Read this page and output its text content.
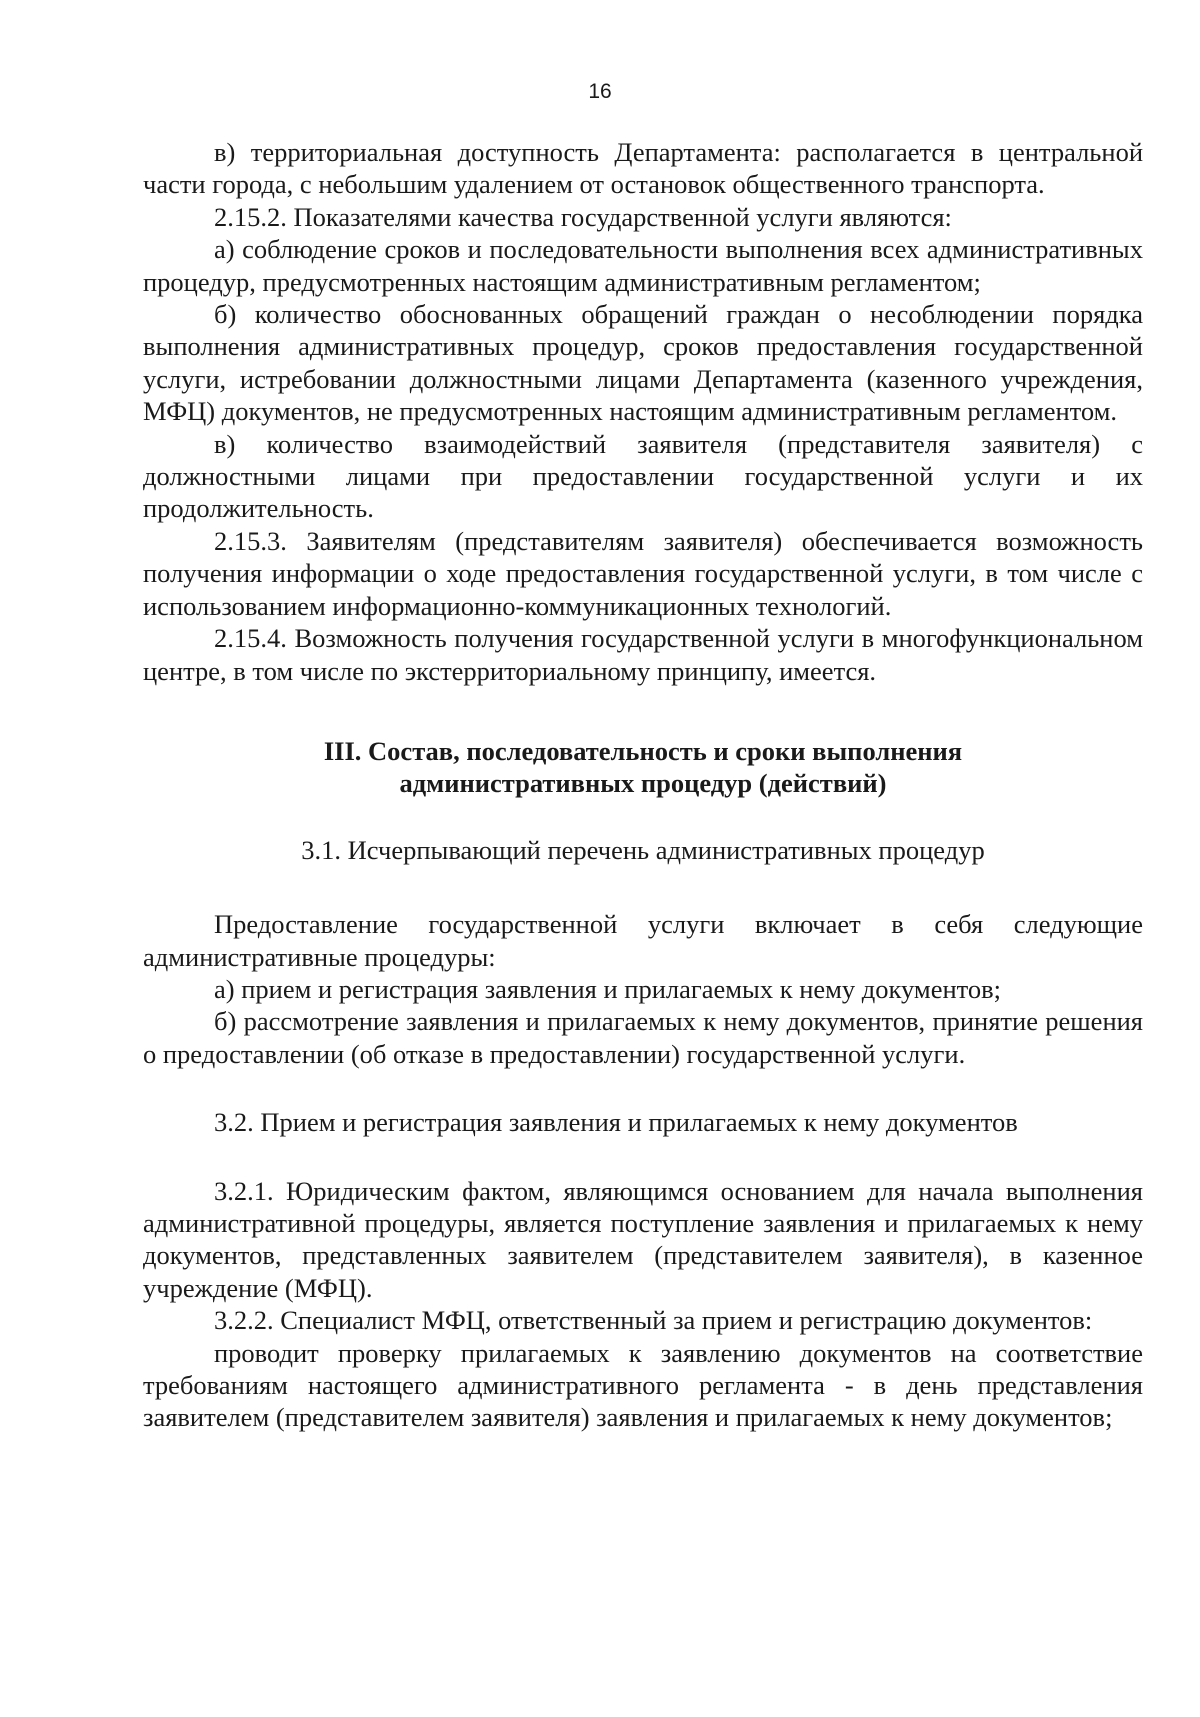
16

в) территориальная доступность Департамента: располагается в центральной части города, с небольшим удалением от остановок общественного транспорта.

2.15.2. Показателями качества государственной услуги являются:

а) соблюдение сроков и последовательности выполнения всех административных процедур, предусмотренных настоящим административным регламентом;

б) количество обоснованных обращений граждан о несоблюдении порядка выполнения административных процедур, сроков предоставления государственной услуги, истребовании должностными лицами Департамента (казенного учреждения, МФЦ) документов, не предусмотренных настоящим административным регламентом.

в) количество взаимодействий заявителя (представителя заявителя) с должностными лицами при предоставлении государственной услуги и их продолжительность.

2.15.3. Заявителям (представителям заявителя) обеспечивается возможность получения информации о ходе предоставления государственной услуги, в том числе с использованием информационно-коммуникационных технологий.

2.15.4. Возможность получения государственной услуги в многофункциональном центре, в том числе по экстерриториальному принципу, имеется.

III. Состав, последовательность и сроки выполнения
административных процедур (действий)

3.1. Исчерпывающий перечень административных процедур

Предоставление государственной услуги включает в себя следующие административные процедуры:

а) прием и регистрация заявления и прилагаемых к нему документов;

б) рассмотрение заявления и прилагаемых к нему документов, принятие решения о предоставлении (об отказе в предоставлении) государственной услуги.

3.2. Прием и регистрация заявления и прилагаемых к нему документов

3.2.1. Юридическим фактом, являющимся основанием для начала выполнения административной процедуры, является поступление заявления и прилагаемых к нему документов, представленных заявителем (представителем заявителя), в казенное учреждение (МФЦ).

3.2.2. Специалист МФЦ, ответственный за прием и регистрацию документов:

проводит проверку прилагаемых к заявлению документов на соответствие требованиям настоящего административного регламента - в день представления заявителем (представителем заявителя) заявления и прилагаемых к нему документов;
